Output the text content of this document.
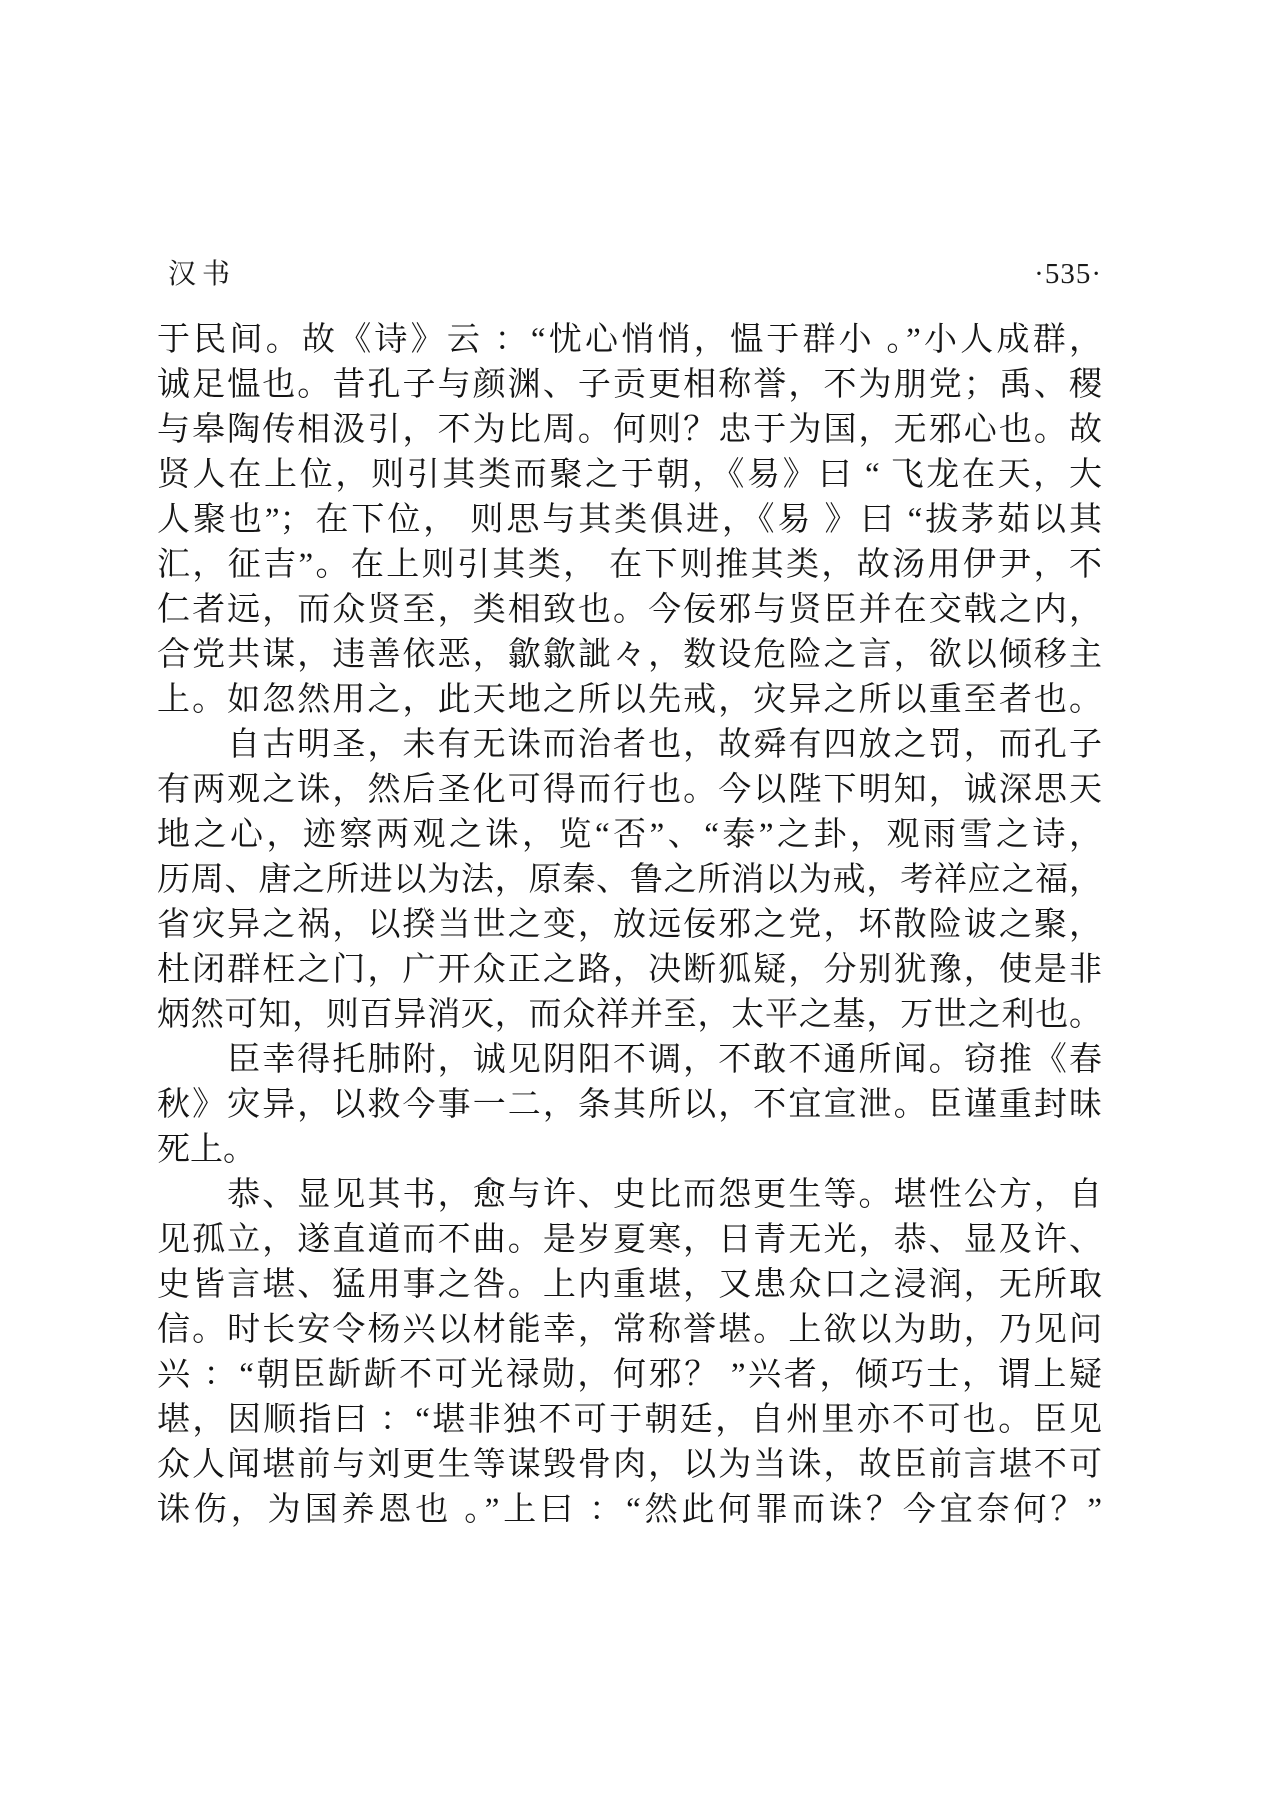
汉书	·535·
于民间。故《诗》云 ：“忧心悄悄，愠于群小 。”小人成群，
诚足愠也。昔孔子与颜渊、子贡更相称誉，不为朋党；禹、稷
与皋陶传相汲引，不为比周。何则？忠于为国，无邪心也。故
贤人在上位，则引其类而聚之于朝，《易》曰 “ 飞龙在天，大
人聚也”；在下位， 则思与其类俱进，《易 》曰 “拔茅茹以其
汇，征吉”。在上则引其类， 在下则推其类，故汤用伊尹，不
仁者远，而众贤至，类相致也。今佞邪与贤臣并在交戟之内，
合党共谋，违善依恶，歙歙訿々，数设危险之言，欲以倾移主
上。如忽然用之，此天地之所以先戒，灾异之所以重至者也。
　　自古明圣，未有无诛而治者也，故舜有四放之罚，而孔子
有两观之诛，然后圣化可得而行也。今以陛下明知，诚深思天
地之心，迹察两观之诛，览“否”、“泰”之卦，观雨雪之诗，
历周、唐之所进以为法，原秦、鲁之所消以为戒，考祥应之福，
省灾异之祸，以揆当世之变，放远佞邪之党，坏散险诐之聚，
杜闭群枉之门，广开众正之路，决断狐疑，分别犹豫，使是非
炳然可知，则百异消灭，而众祥并至，太平之基，万世之利也。
　　臣幸得托肺附，诚见阴阳不调，不敢不通所闻。窃推《春
秋》灾异，以救今事一二，条其所以，不宜宣泄。臣谨重封昧
死上。
　　恭、显见其书，愈与许、史比而怨更生等。堪性公方，自
见孤立，遂直道而不曲。是岁夏寒，日青无光，恭、显及许、
史皆言堪、猛用事之咎。上内重堪，又患众口之浸润，无所取
信。时长安令杨兴以材能幸，常称誉堪。上欲以为助，乃见问
兴 ：“朝臣龂龂不可光禄勋，何邪？ ”兴者，倾巧士，谓上疑
堪，因顺指曰 ：“堪非独不可于朝廷，自州里亦不可也。臣见
众人闻堪前与刘更生等谋毁骨肉，以为当诛，故臣前言堪不可
诛伤，为国养恩也 。”上曰 ：“然此何罪而诛？今宜奈何？”
